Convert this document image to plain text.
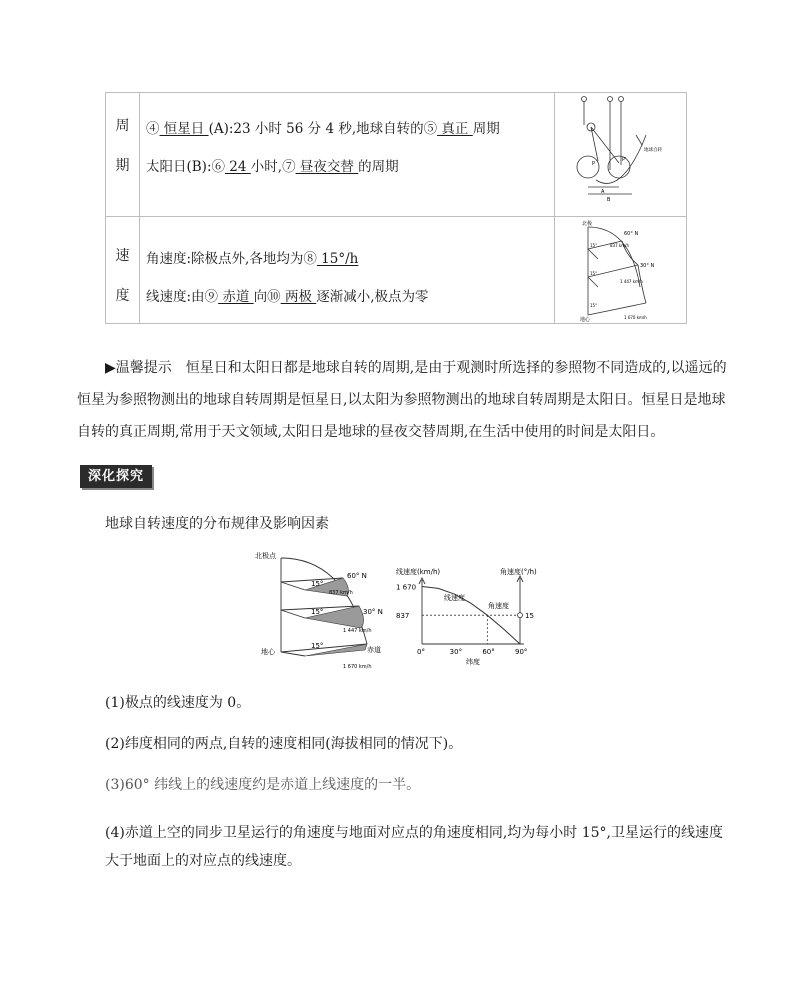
周
期
④ 恒星日 (A):23 小时 56 分 4 秒,地球自转的⑤ 真正 周期
太阳日(B):⑥ 24 小时,⑦ 昼夜交替 的周期
A
B
P
P'
地球自转
速
度
角速度:除极点外,各地均为⑧ 15°/h
线速度:由⑨ 赤道 向⑩ 两极 逐渐减小,极点为零
北极
60° N
837 km/h
15°
15°
15°
30° N
1 447 km/h
地心	1 670 km/h
▶温馨提示　恒星日和太阳日都是地球自转的周期,是由于观测时所选择的参照物不同造成的,以遥远的
恒星为参照物测出的地球自转周期是恒星日,以太阳为参照物测出的地球自转周期是太阳日。恒星日是地球
自转的真正周期,常用于天文领域,太阳日是地球的昼夜交替周期,在生活中使用的时间是太阳日。
深化探究
地球自转速度的分布规律及影响因素
北极点
60° N
837 km/h
15°
15°
15°
30° N
1 447 km/h
地心	赤道
1 670 km/h
0°	30°	60°	90°
837
1 670
15
线速度(km/h)	角速度(°/h)
纬度
线速度
角速度
(1)极点的线速度为 0。
(2)纬度相同的两点,自转的速度相同(海拔相同的情况下)。
(3)60° 纬线上的线速度约是赤道上线速度的一半。
(4)赤道上空的同步卫星运行的角速度与地面对应点的角速度相同,均为每小时 15°,卫星运行的线速度
大于地面上的对应点的线速度。
